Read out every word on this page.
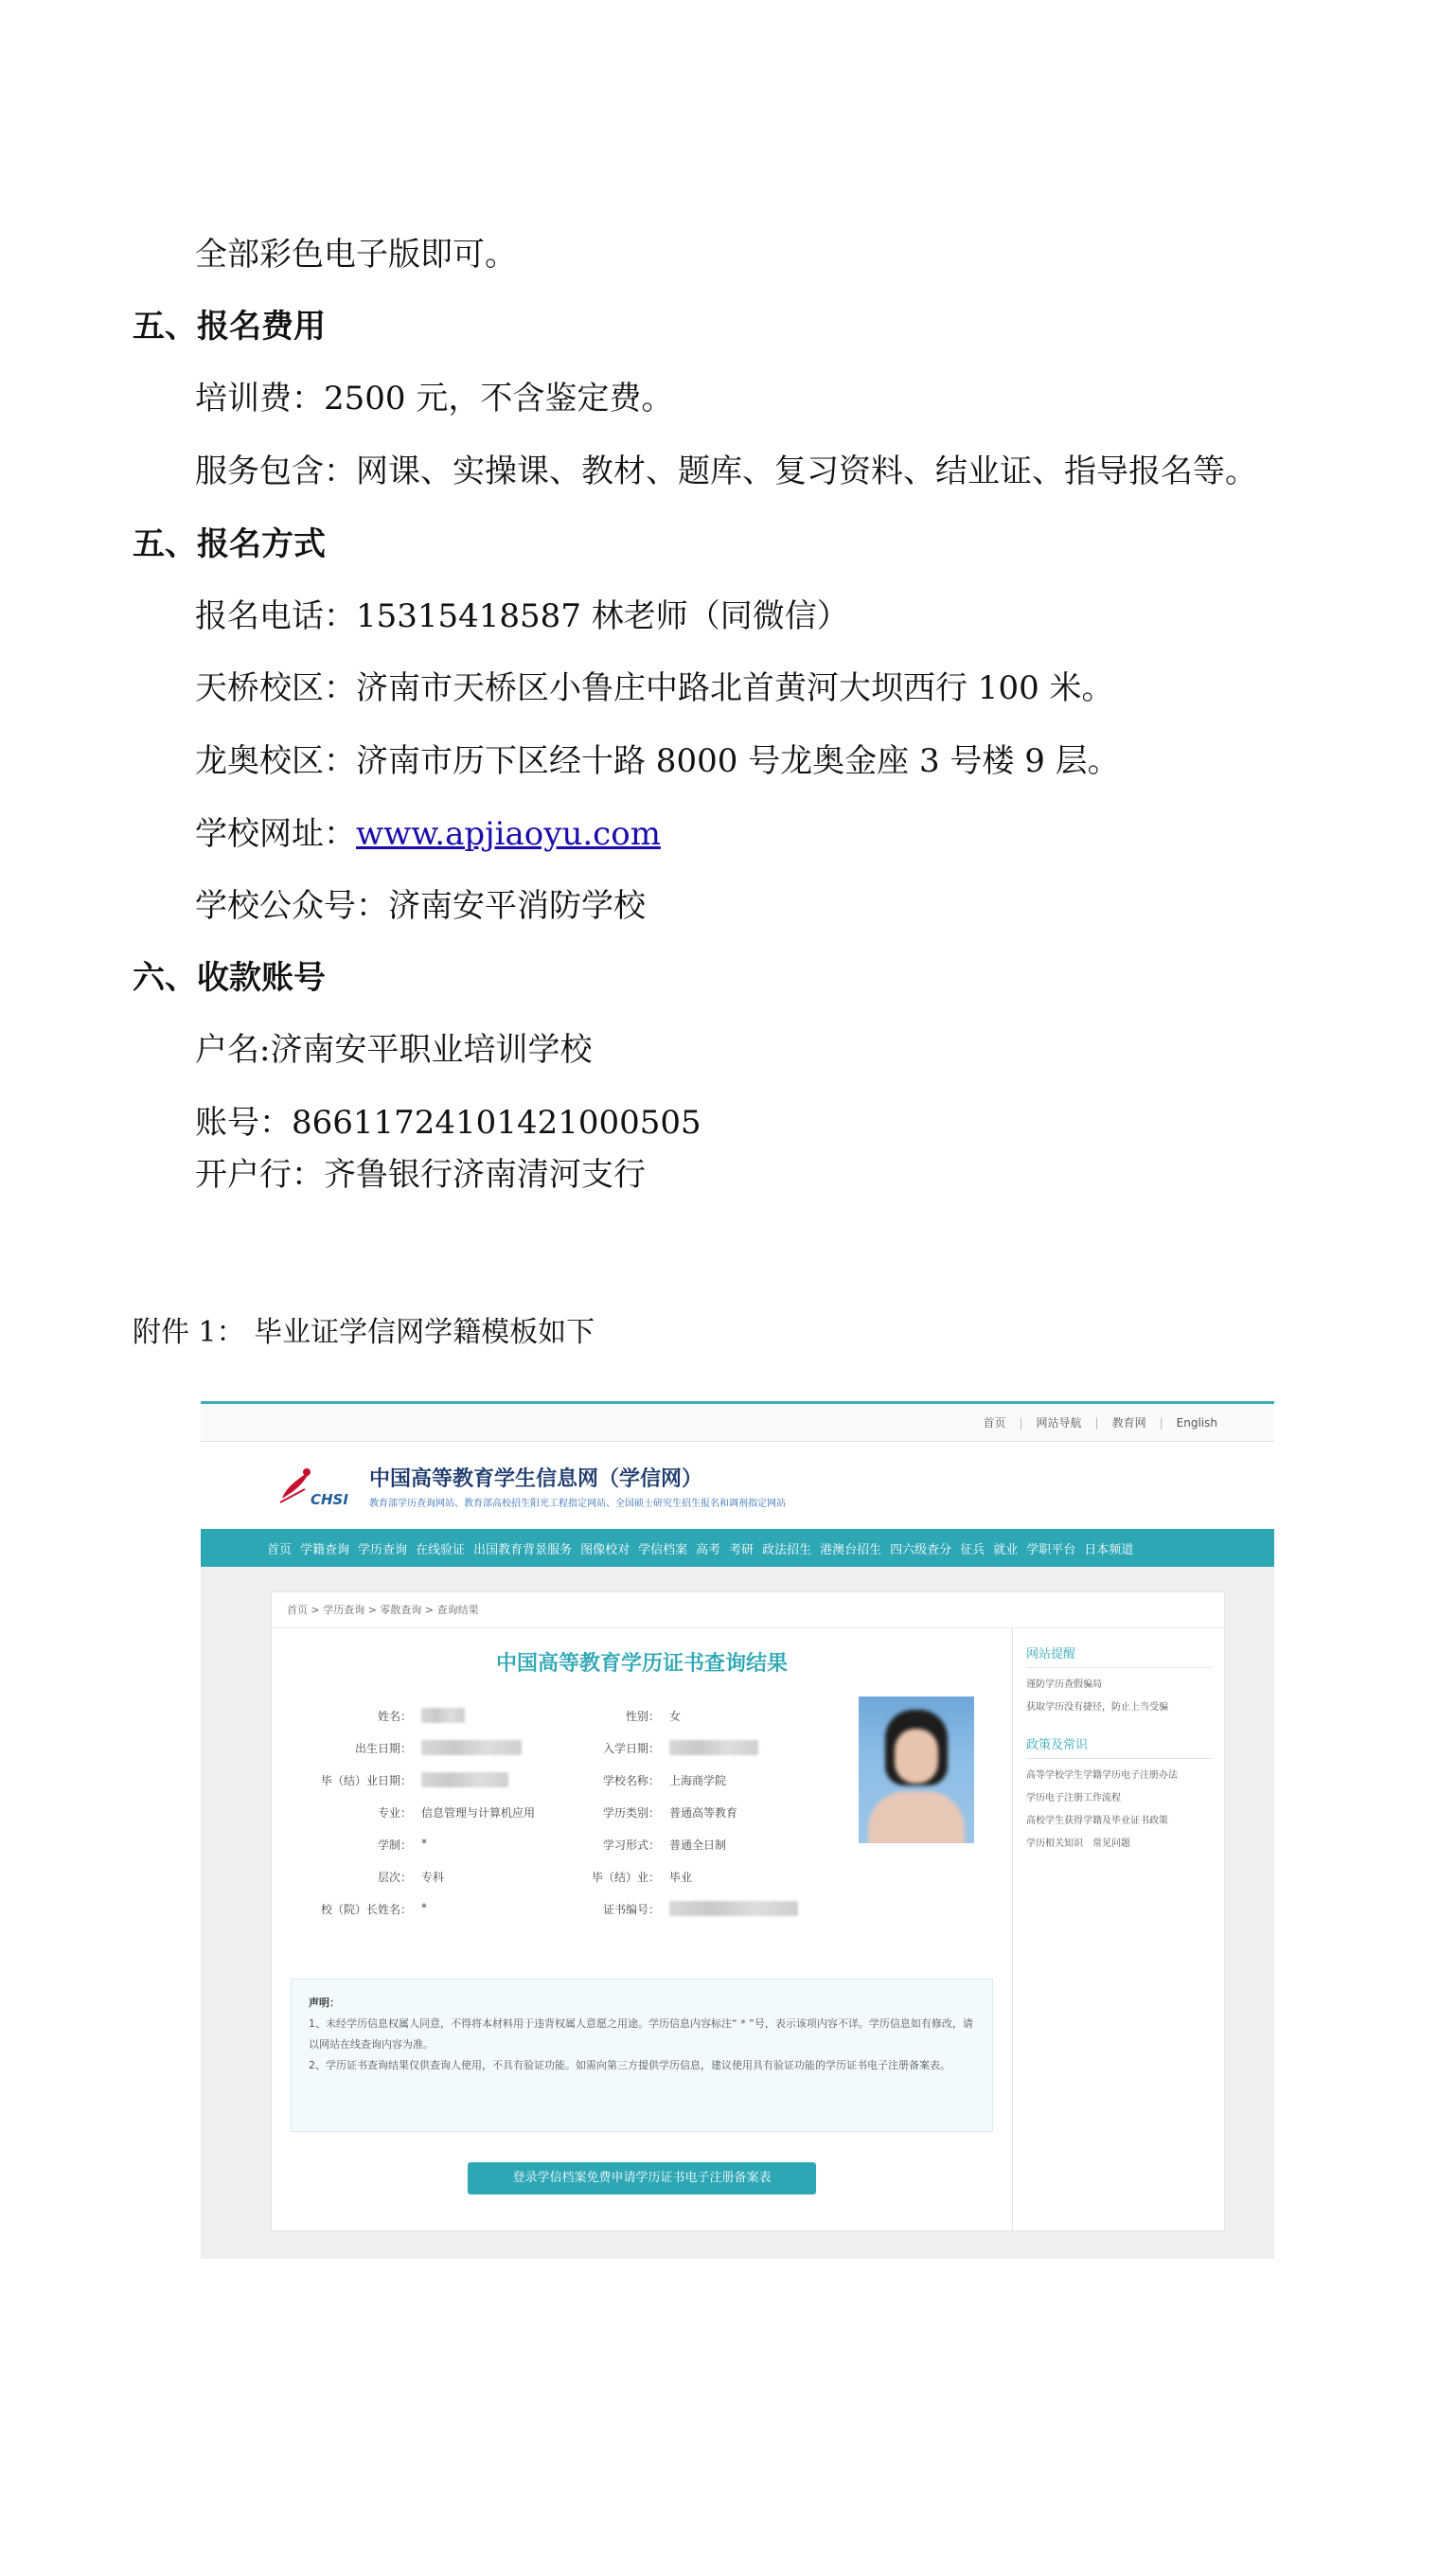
全部彩色电子版即可。
五、报名费用
培训费：2500 元，不含鉴定费。
服务包含：网课、实操课、教材、题库、复习资料、结业证、指导报名等。
五、报名方式
报名电话：15315418587 林老师（同微信）
天桥校区：济南市天桥区小鲁庄中路北首黄河大坝西行 100 米。
龙奥校区：济南市历下区经十路 8000 号龙奥金座 3 号楼 9 层。
学校网址：www.apjiaoyu.com
学校公众号：济南安平消防学校
六、收款账号
户名:济南安平职业培训学校
账号：86611724101421000505
开户行：齐鲁银行济南清河支行
附件 1： 毕业证学信网学籍模板如下
首页 | 网站导航 | 教育网 | English
CHSI
中国高等教育学生信息网（学信网）
教育部学历查询网站、教育部高校招生阳光工程指定网站、全国硕士研究生招生报名和调剂指定网站
首页 学籍查询 学历查询 在线验证 出国教育背景服务 图像校对 学信档案 高考 考研 政法招生 港澳台招生 四六级查分 征兵 就业 学职平台 日本频道
首页 > 学历查询 > 零散查询 > 查询结果
中国高等教育学历证书查询结果
姓名：
出生日期：
毕（结）业日期：
专业： 信息管理与计算机应用
学制： *
层次： 专科
校（院）长姓名： *
性别： 女
入学日期：
学校名称： 上海商学院
学历类别： 普通高等教育
学习形式： 普通全日制
毕（结）业： 毕业
证书编号：
声明：
1、未经学历信息权属人同意，不得将本材料用于违背权属人意愿之用途。学历信息内容标注“ * ”号，表示该项内容不详。学历信息如有修改，请以网站在线查询内容为准。
2、学历证书查询结果仅供查询人使用，不具有验证功能。如需向第三方提供学历信息，建议使用具有验证功能的学历证书电子注册备案表。
登录学信档案免费申请学历证书电子注册备案表
网站提醒
谨防学历查假骗局
获取学历没有捷径，防止上当受骗
政策及常识
高等学校学生学籍学历电子注册办法
学历电子注册工作流程
高校学生获得学籍及毕业证书政策
学历相关知识　常见问题
